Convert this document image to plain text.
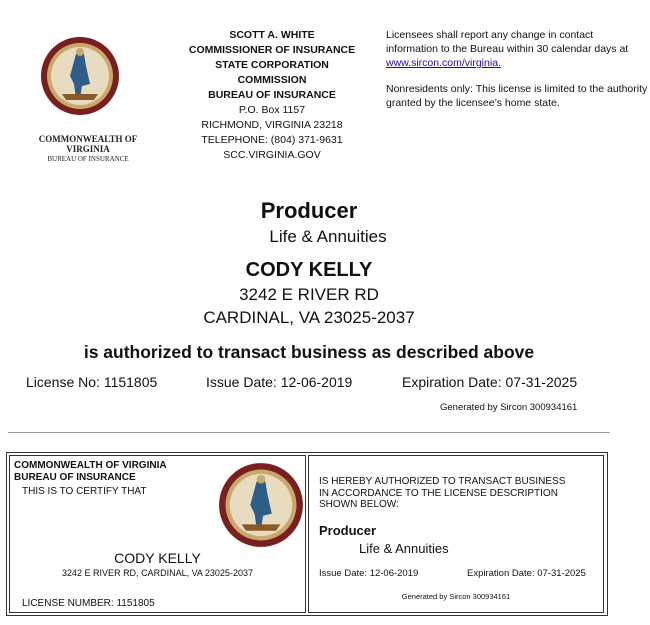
COMMONWEALTH OF
VIRGINIA
BUREAU OF INSURANCE
SCOTT A. WHITE
COMMISSIONER OF INSURANCE
STATE CORPORATION
COMMISSION
BUREAU OF INSURANCE
P.O. Box 1157
RICHMOND, VIRGINIA 23218
TELEPHONE: (804) 371-9631
SCC.VIRGINIA.GOV

Licensees shall report any change in contact information to the Bureau within 30 calendar days at www.sircon.com/virginia.

Nonresidents only: This license is limited to the authority granted by the licensee’s home state.

Producer
Life & Annuities
CODY KELLY
3242 E RIVER RD
CARDINAL, VA 23025-2037
is authorized to transact business as described above
License No: 1151805	Issue Date: 12-06-2019	Expiration Date: 07-31-2025
Generated by Sircon 300934161
COMMONWEALTH OF VIRGINIA
BUREAU OF INSURANCE
THIS IS TO CERTIFY THAT
CODY KELLY
3242 E RIVER RD, CARDINAL, VA 23025-2037
LICENSE NUMBER: 1151805
IS HEREBY AUTHORIZED TO TRANSACT BUSINESS
IN ACCORDANCE TO THE LICENSE DESCRIPTION
SHOWN BELOW:
Producer
Life & Annuities
Issue Date: 12-06-2019	Expiration Date: 07-31-2025
Generated by Sircon 300934161
